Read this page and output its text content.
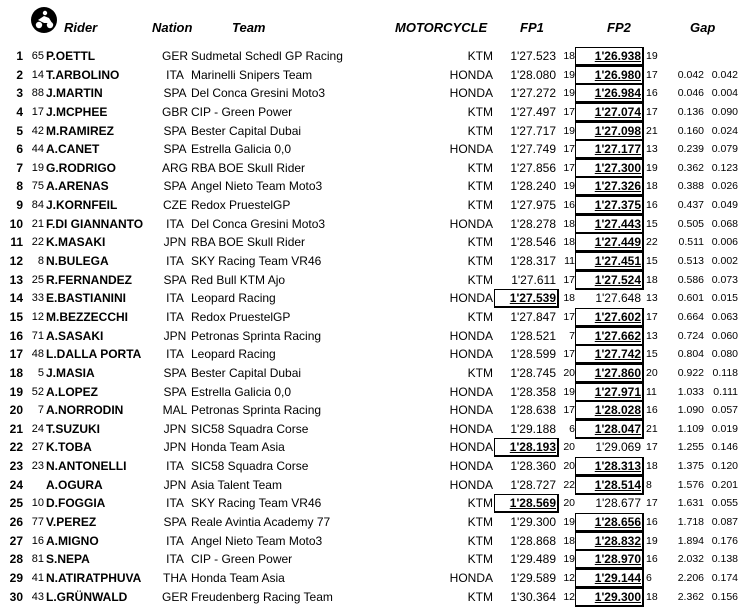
Rider	Nation	Team	MOTORCYCLE	FP1	FP2	Gap
1 65 P.OETTL	GER Sudmetal Schedl GP Racing	KTM	1'27.523 18	1'26.938 19
2 14 T.ARBOLINO	ITA Marinelli Snipers Team	HONDA	1'28.080 19	1'26.980 17	0.042 0.042
3 88 J.MARTIN	SPA Del Conca Gresini Moto3	HONDA	1'27.272 19	1'26.984 16	0.046 0.004
4 17 J.MCPHEE	GBR CIP - Green Power	KTM	1'27.497 17	1'27.074 17	0.136 0.090
5 42 M.RAMIREZ	SPA Bester Capital Dubai	KTM	1'27.717 19	1'27.098 21	0.160 0.024
6 44 A.CANET	SPA Estrella Galicia 0,0	HONDA	1'27.749 17	1'27.177 13	0.239 0.079
7 19 G.RODRIGO	ARG RBA BOE Skull Rider	KTM	1'27.856 17	1'27.300 19	0.362 0.123
8 75 A.ARENAS	SPA Angel Nieto Team Moto3	KTM	1'28.240 19	1'27.326 18	0.388 0.026
9 84 J.KORNFEIL	CZE Redox PruestelGP	KTM	1'27.975 16	1'27.375 16	0.437 0.049
10 21 F.DI GIANNANTO	ITA Del Conca Gresini Moto3	HONDA	1'28.278 18	1'27.443 15	0.505 0.068
11 22 K.MASAKI	JPN RBA BOE Skull Rider	KTM	1'28.546 18	1'27.449 22	0.511 0.006
12	8 N.BULEGA	ITA SKY Racing Team VR46	KTM	1'28.317 11	1'27.451 15	0.513 0.002
13 25 R.FERNANDEZ	SPA Red Bull KTM Ajo	KTM	1'27.611 17	1'27.524 18	0.586 0.073
14 33 E.BASTIANINI	ITA Leopard Racing	HONDA	1'27.539 18	1'27.648 13	0.601 0.015
15 12 M.BEZZECCHI	ITA Redox PruestelGP	KTM	1'27.847 17	1'27.602 17	0.664 0.063
16 71 A.SASAKI	JPN Petronas Sprinta Racing	HONDA	1'28.521	7	1'27.662 13	0.724 0.060
17 48 L.DALLA PORTA	ITA Leopard Racing	HONDA	1'28.599 17	1'27.742 15	0.804 0.080
18	5 J.MASIA	SPA Bester Capital Dubai	KTM	1'28.745 20	1'27.860 20	0.922 0.118
19 52 A.LOPEZ	SPA Estrella Galicia 0,0	HONDA	1'28.358 19	1'27.971 11	1.033 0.111
20	7 A.NORRODIN	MAL Petronas Sprinta Racing	HONDA	1'28.638 17	1'28.028 16	1.090 0.057
21 24 T.SUZUKI	JPN SIC58 Squadra Corse	HONDA	1'29.188	6	1'28.047 21	1.109 0.019
22 27 K.TOBA	JPN Honda Team Asia	HONDA	1'28.193 20	1'29.069 17	1.255 0.146
23 23 N.ANTONELLI	ITA SIC58 Squadra Corse	HONDA	1'28.360 20	1'28.313 18	1.375 0.120
24 A.OGURA	JPN Asia Talent Team	HONDA	1'28.727 22	1'28.514 8	1.576 0.201
25 10 D.FOGGIA	ITA SKY Racing Team VR46	KTM	1'28.569 20	1'28.677 17	1.631 0.055
26 77 V.PEREZ	SPA Reale Avintia Academy 77	KTM	1'29.300 19	1'28.656 16	1.718 0.087
27 16 A.MIGNO	ITA Angel Nieto Team Moto3	KTM	1'28.868 18	1'28.832 19	1.894 0.176
28 81 S.NEPA	ITA CIP - Green Power	KTM	1'29.489 19	1'28.970 16	2.032 0.138
29 41 N.ATIRATPHUVA THA Honda Team Asia	HONDA	1'29.589 12	1'29.144 6	2.206 0.174
30 43 L.GRÜNWALD	GER Freudenberg Racing Team	KTM	1'30.364 12	1'29.300 18	2.362 0.156
